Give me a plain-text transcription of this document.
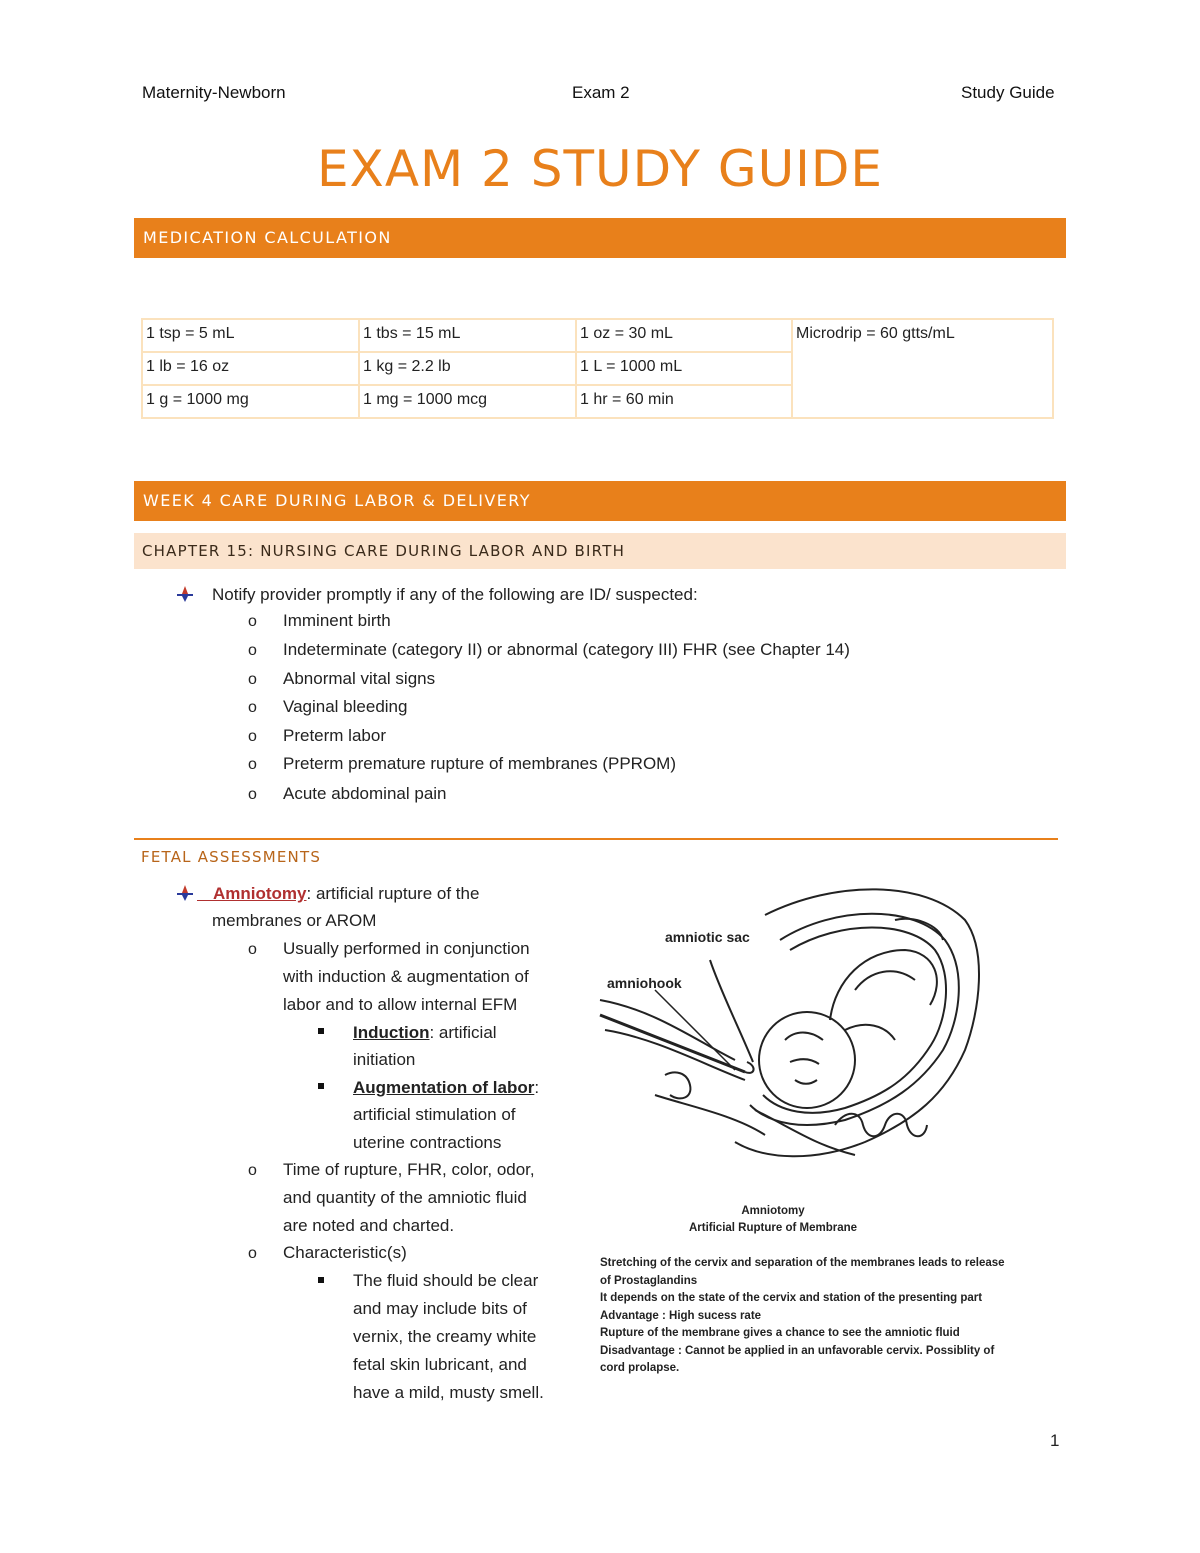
Maternity-Newborn	Exam 2	Study Guide
EXAM 2 STUDY GUIDE
MEDICATION CALCULATION
1 tsp = 5 mL	1 tbs = 15 mL	1 oz = 30 mL	Microdrip = 60 gtts/mL
1 lb = 16 oz	1 kg = 2.2 lb	1 L = 1000 mL	
1 g = 1000 mg	1 mg = 1000 mcg	1 hr = 60 min	
WEEK 4 CARE DURING LABOR & DELIVERY
CHAPTER 15: NURSING CARE DURING LABOR AND BIRTH
Notify provider promptly if any of the following are ID/ suspected:
o Imminent birth
o Indeterminate (category II) or abnormal (category III) FHR (see Chapter 14)
o Abnormal vital signs
o Vaginal bleeding
o Preterm labor
o Preterm premature rupture of membranes (PPROM)
o Acute abdominal pain
FETAL ASSESSMENTS
Amniotomy: artificial rupture of the
membranes or AROM
o Usually performed in conjunction
with induction & augmentation of
labor and to allow internal EFM
Induction: artificial
initiation
Augmentation of labor:
artificial stimulation of
uterine contractions
o Time of rupture, FHR, color, odor,
and quantity of the amniotic fluid
are noted and charted.
o Characteristic(s)
The fluid should be clear
and may include bits of
vernix, the creamy white
fetal skin lubricant, and
have a mild, musty smell.
amniotic sac
amniohook
Amniotomy
Artificial Rupture of Membrane
Stretching of the cervix and separation of the membranes leads to release
of Prostaglandins
It depends on the state of the cervix and station of the presenting part
Advantage : High sucess rate
Rupture of the membrane gives a chance to see the amniotic fluid
Disadvantage : Cannot be applied in an unfavorable cervix. Possiblity of
cord prolapse.
1
